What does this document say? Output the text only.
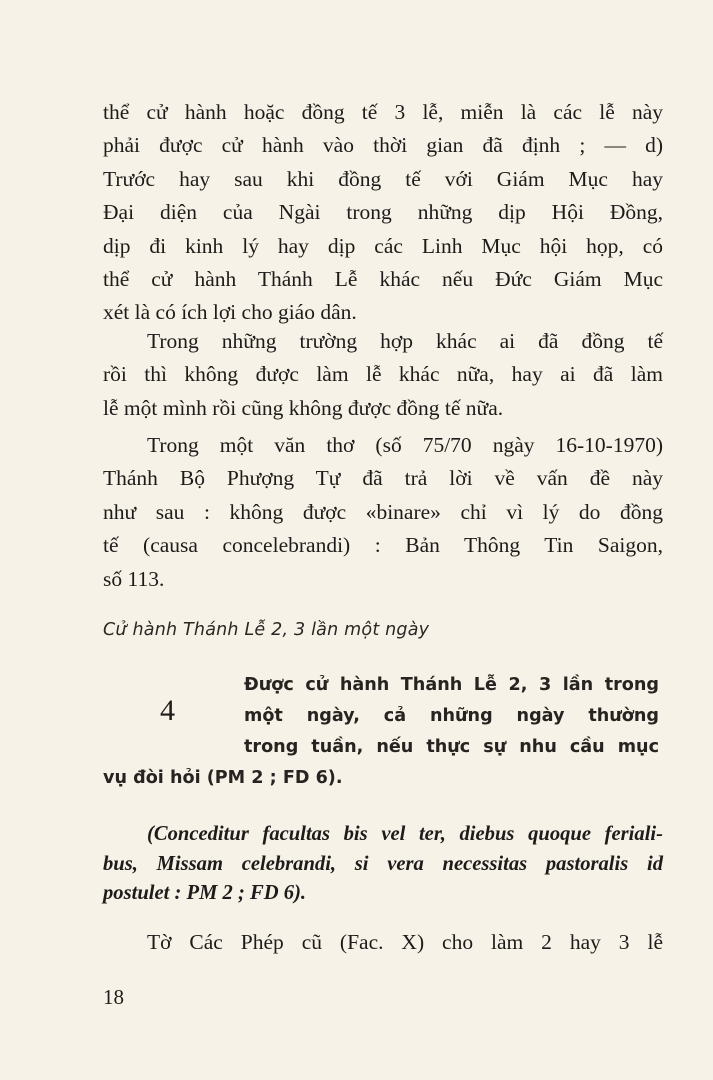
thể cử hành hoặc đồng tế 3 lễ, miễn là các lễ này
phải được cử hành vào thời gian đã định ; — d)
Trước hay sau khi đồng tế với Giám Mục hay
Đại diện của Ngài trong những dịp Hội Đồng,
dịp đi kinh lý hay dịp các Linh Mục hội họp, có
thể cử hành Thánh Lễ khác nếu Đức Giám Mục
xét là có ích lợi cho giáo dân.
Trong những trường hợp khác ai đã đồng tế
rồi thì không được làm lễ khác nữa, hay ai đã làm
lễ một mình rồi cũng không được đồng tế nữa.
Trong một văn thơ (số 75/70 ngày 16-10-1970)
Thánh Bộ Phượng Tự đã trả lời về vấn đề này
như sau : không được «binare» chỉ vì lý do đồng
tế (causa concelebrandi) : Bản Thông Tin Saigon,
số 113.
Cử hành Thánh Lễ 2, 3 lần một ngày
4
Được cử hành Thánh Lễ 2, 3 lần trong
một ngày, cả những ngày thường
trong tuần, nếu thực sự nhu cầu mục
vụ đòi hỏi (PM 2 ; FD 6).
(Conceditur facultas bis vel ter, diebus quoque feriali-
bus, Missam celebrandi, si vera necessitas pastoralis id
postulet : PM 2 ; FD 6).
Tờ Các Phép cũ (Fac. X) cho làm 2 hay 3 lễ
18
